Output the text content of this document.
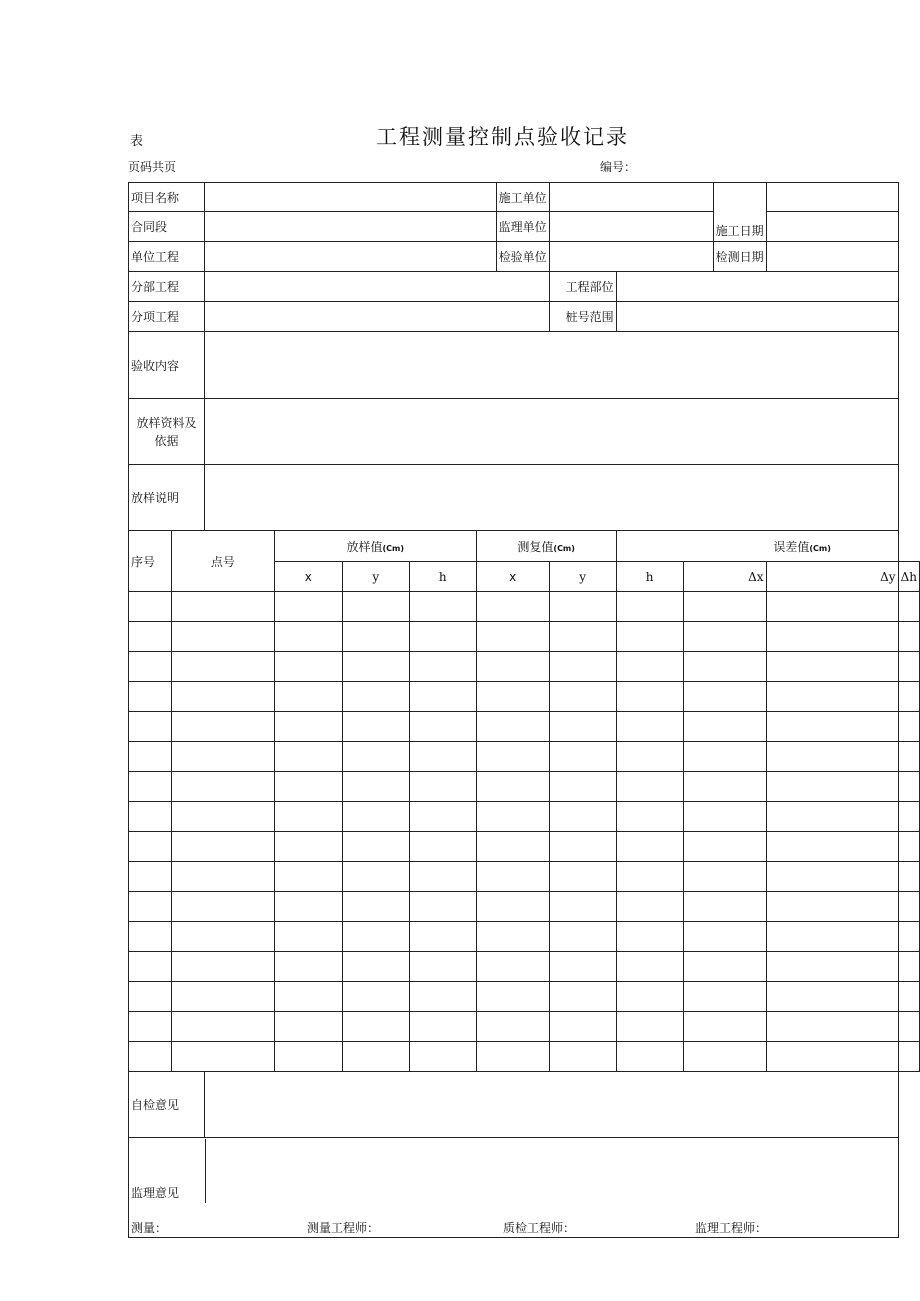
表	工程测量控制点验收记录
页码共页	编号：
项目名称							施工单位				施工日期		
合同段							监理单位						
单位工程							检验单位				检测日期		
分部工程								工程部位					
分项工程								桩号范围					
验收内容													
放样资料及依据													
放样说明													
序号	点号		放样值(Cm)			测复值(Cm)			误差值(Cm)				
			x	y	h	x		y	h	Δx		Δy	Δh

自检意见													

监理意见
测量： 测量工程师： 质检工程师： 监理工程师：													
